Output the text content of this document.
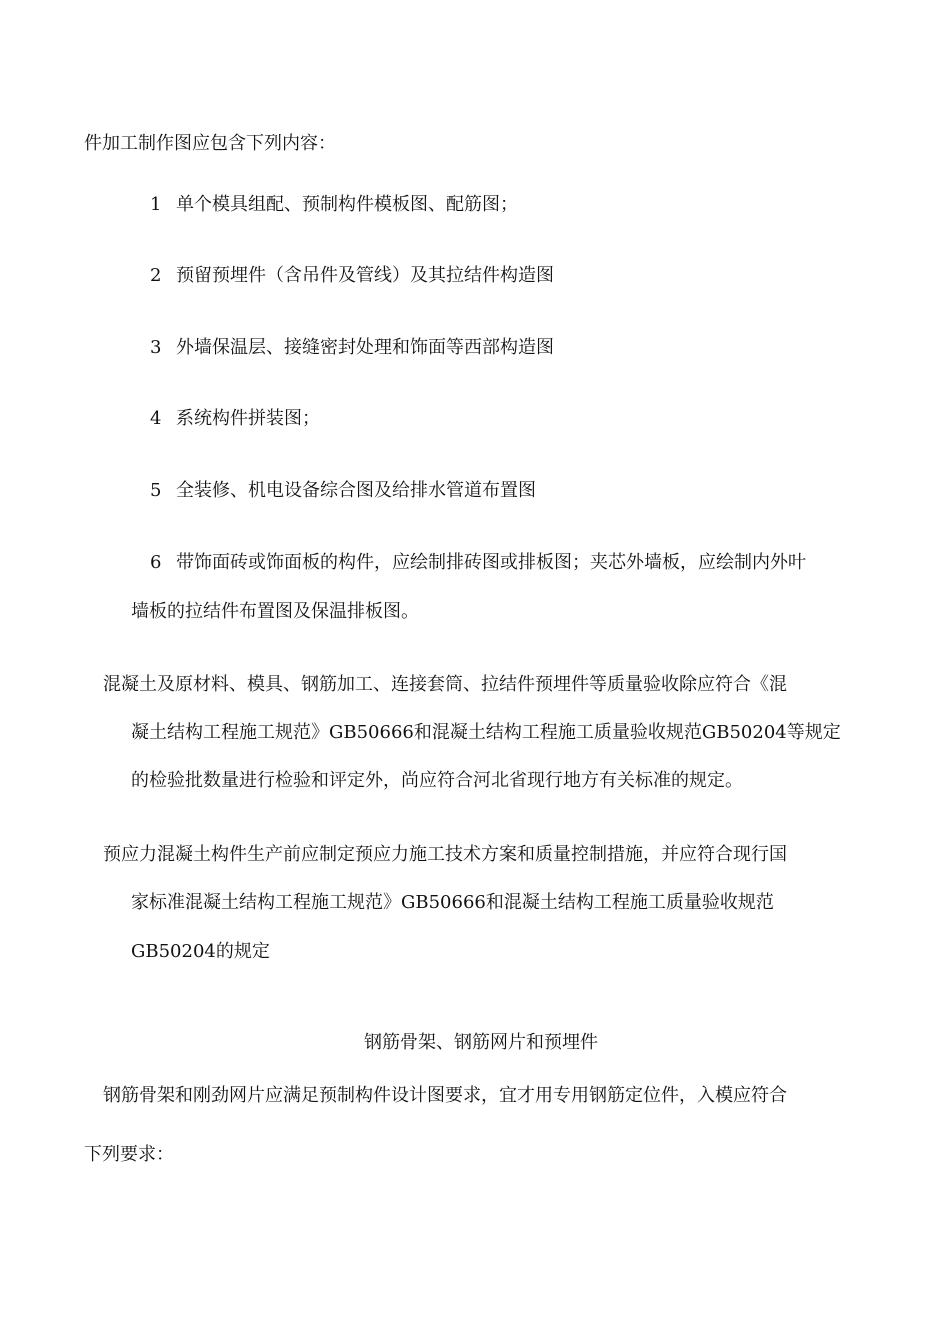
件加工制作图应包含下列内容：

1 单个模具组配、预制构件模板图、配筋图；

2 预留预埋件（含吊件及管线）及其拉结件构造图

3 外墙保温层、接缝密封处理和饰面等西部构造图

4 系统构件拼装图；

5 全装修、机电设备综合图及给排水管道布置图

6 带饰面砖或饰面板的构件，应绘制排砖图或排板图；夹芯外墙板，应绘制内外叶

墙板的拉结件布置图及保温排板图。

混凝土及原材料、模具、钢筋加工、连接套筒、拉结件预埋件等质量验收除应符合《混

凝土结构工程施工规范》GB50666和混凝土结构工程施工质量验收规范GB50204等规定

的检验批数量进行检验和评定外，尚应符合河北省现行地方有关标准的规定。

预应力混凝土构件生产前应制定预应力施工技术方案和质量控制措施，并应符合现行国

家标准混凝土结构工程施工规范》GB50666和混凝土结构工程施工质量验收规范

GB50204的规定

钢筋骨架、钢筋网片和预埋件

钢筋骨架和刚劲网片应满足预制构件设计图要求，宜才用专用钢筋定位件，入模应符合

下列要求：
